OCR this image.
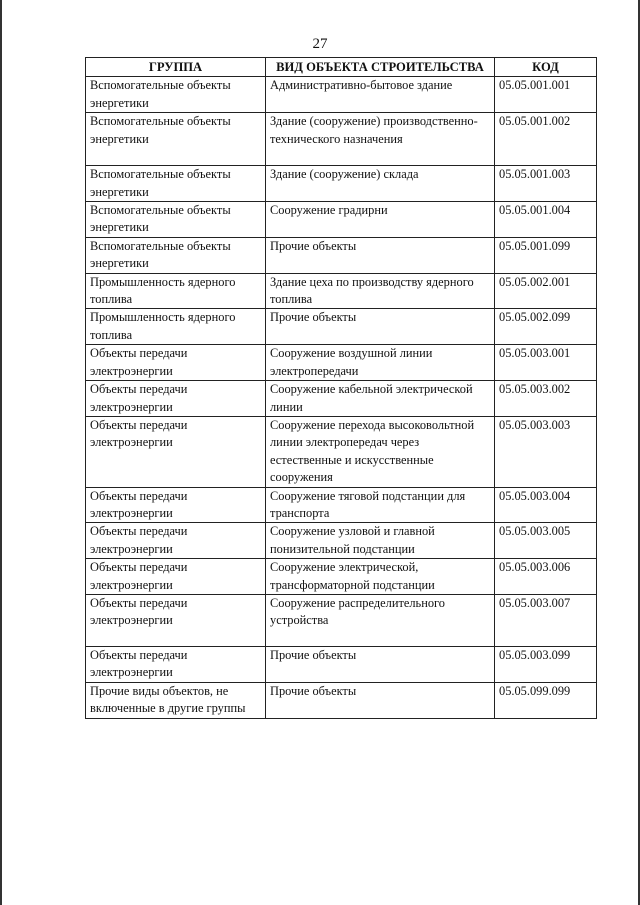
27
ГРУППА	ВИД ОБЪЕКТА СТРОИТЕЛЬСТВА	КОД
Вспомогательные объекты энергетики	Административно-бытовое здание	05.05.001.001
Вспомогательные объекты энергетики	Здание (сооружение) производственно-технического назначения	05.05.001.002
Вспомогательные объекты энергетики	Здание (сооружение) склада	05.05.001.003
Вспомогательные объекты энергетики	Сооружение градирни	05.05.001.004
Вспомогательные объекты энергетики	Прочие объекты	05.05.001.099
Промышленность ядерного топлива	Здание цеха по производству ядерного топлива	05.05.002.001
Промышленность ядерного топлива	Прочие объекты	05.05.002.099
Объекты передачи электроэнергии	Сооружение воздушной линии электропередачи	05.05.003.001
Объекты передачи электроэнергии	Сооружение кабельной электрической линии	05.05.003.002
Объекты передачи электроэнергии	Сооружение перехода высоковольтной линии электропередач через естественные и искусственные сооружения	05.05.003.003
Объекты передачи электроэнергии	Сооружение тяговой подстанции для транспорта	05.05.003.004
Объекты передачи электроэнергии	Сооружение узловой и главной понизительной подстанции	05.05.003.005
Объекты передачи электроэнергии	Сооружение электрической, трансформаторной подстанции	05.05.003.006
Объекты передачи электроэнергии	Сооружение распределительного устройства	05.05.003.007
Объекты передачи электроэнергии	Прочие объекты	05.05.003.099
Прочие виды объектов, не включенные в другие группы	Прочие объекты	05.05.099.099
